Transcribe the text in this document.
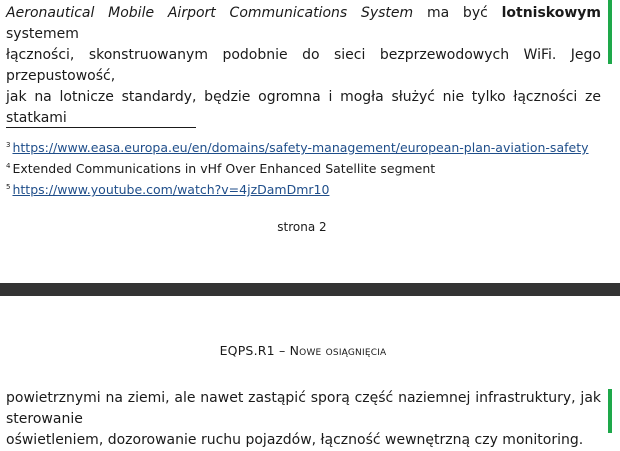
Aeronautical Mobile Airport Communications System ma być lotniskowym systemem
łączności, skonstruowanym podobnie do sieci bezprzewodowych WiFi. Jego przepustowość,
jak na lotnicze standardy, będzie ogromna i mogła służyć nie tylko łączności ze statkami

$^3$ https://www.easa.europa.eu/en/domains/safety-management/european-plan-aviation-safety
$^4$ Extended Communications in vHf Over Enhanced Satellite segment
$^5$ https://www.youtube.com/watch?v=4jzDamDmr10
strona 2
EQPS.R1 – Nowe osiągnięcia

powietrznymi na ziemi, ale nawet zastąpić sporą część naziemnej infrastruktury, jak sterowanie
oświetleniem, dozorowanie ruchu pojazdów, łączność wewnętrzną czy monitoring.
